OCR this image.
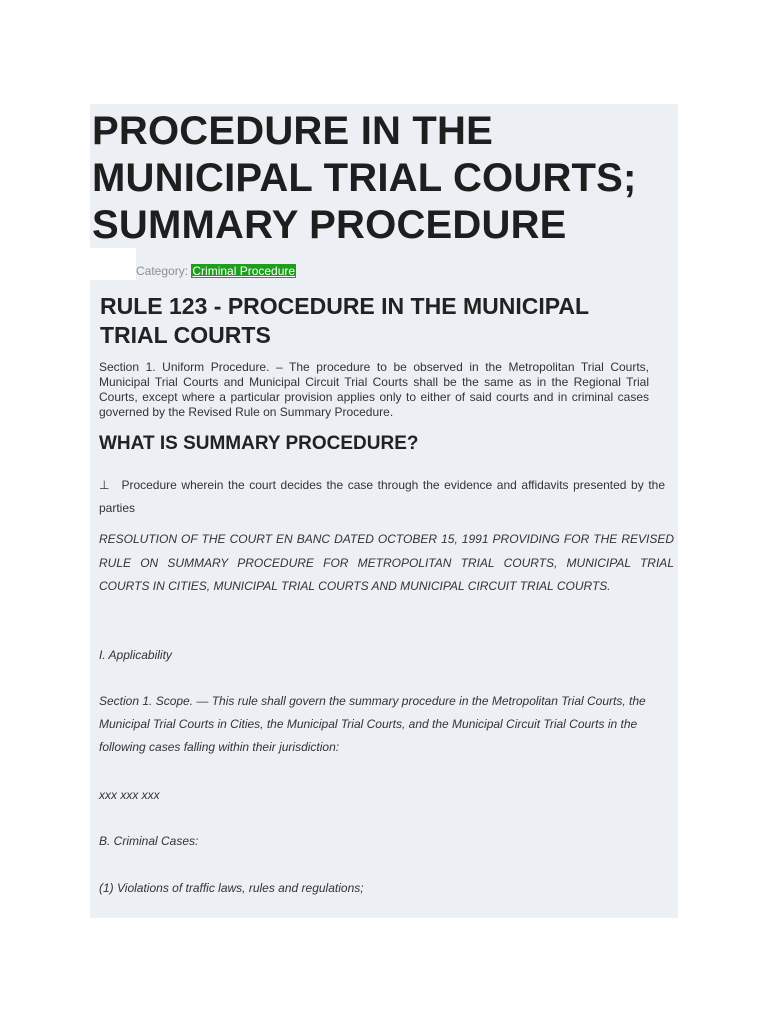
PROCEDURE IN THE MUNICIPAL TRIAL COURTS; SUMMARY PROCEDURE
Category: Criminal Procedure
RULE 123 - PROCEDURE IN THE MUNICIPAL TRIAL COURTS

Section 1. Uniform Procedure. – The procedure to be observed in the Metropolitan Trial Courts, Municipal Trial Courts and Municipal Circuit Trial Courts shall be the same as in the Regional Trial Courts, except where a particular provision applies only to either of said courts and in criminal cases governed by the Revised Rule on Summary Procedure.

WHAT IS SUMMARY PROCEDURE?

⊥ Procedure wherein the court decides the case through the evidence and affidavits presented by the parties

RESOLUTION OF THE COURT EN BANC DATED OCTOBER 15, 1991 PROVIDING FOR THE REVISED RULE ON SUMMARY PROCEDURE FOR METROPOLITAN TRIAL COURTS, MUNICIPAL TRIAL COURTS IN CITIES, MUNICIPAL TRIAL COURTS AND MUNICIPAL CIRCUIT TRIAL COURTS.

I. Applicability

Section 1. Scope. — This rule shall govern the summary procedure in the Metropolitan Trial Courts, the Municipal Trial Courts in Cities, the Municipal Trial Courts, and the Municipal Circuit Trial Courts in the following cases falling within their jurisdiction:

xxx xxx xxx

B. Criminal Cases:

(1) Violations of traffic laws, rules and regulations;
